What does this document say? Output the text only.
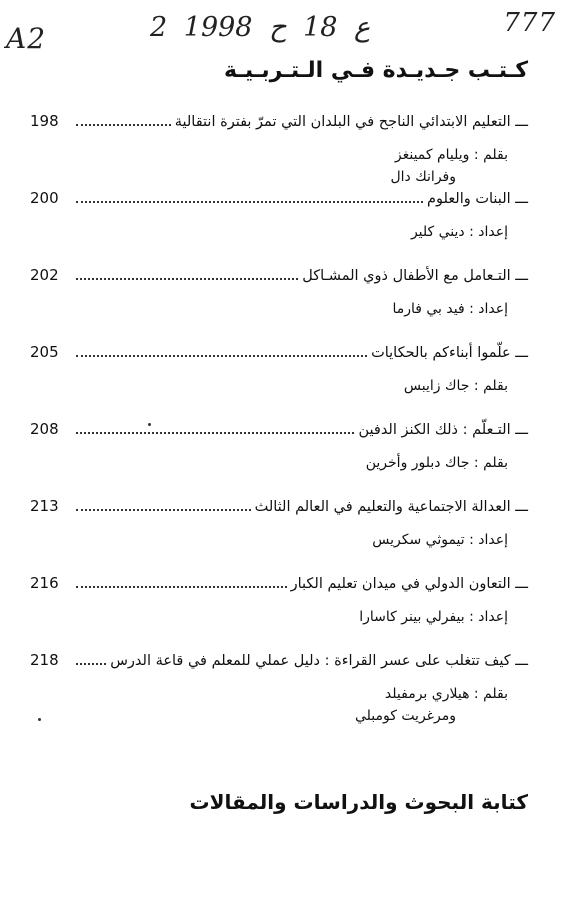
A2	2 ع 18 ح 1998	777
كـتـب جـديـدة فـي الـتـربـيـة
198	ـــ التعليم الابتدائي الناجح في البلدان التي تمرّ بفترة انتقالية
بقلم : ويليام كمينغز
وفرانك دال
200	ـــ البنات والعلوم
إعداد : ديني كلير
202	ـــ التـعامل مع الأطفال ذوي المشـاكل
إعداد : فيد بي فارما
205	ـــ علّموا أبناءكم بالحكايات
بقلم : جاك زايبس
208	ـــ التـعلّم : ذلك الكنز الدفين
بقلم : جاك دبلور وأخرين
213	ـــ العدالة الاجتماعية والتعليم في العالم الثالث
إعداد : تيموثي سكريس
216	ـــ التعاون الدولي في ميدان تعليم الكبار
إعداد : بيفرلي بينر كاسارا
218	ـــ كيف تتغلب على عسر القراءة : دليل عملي للمعلم في قاعة الدرس
بقلم : هيلاري برمفيلد
ومرغريت كومبلي
كتابة البحوث والدراسات والمقالات
